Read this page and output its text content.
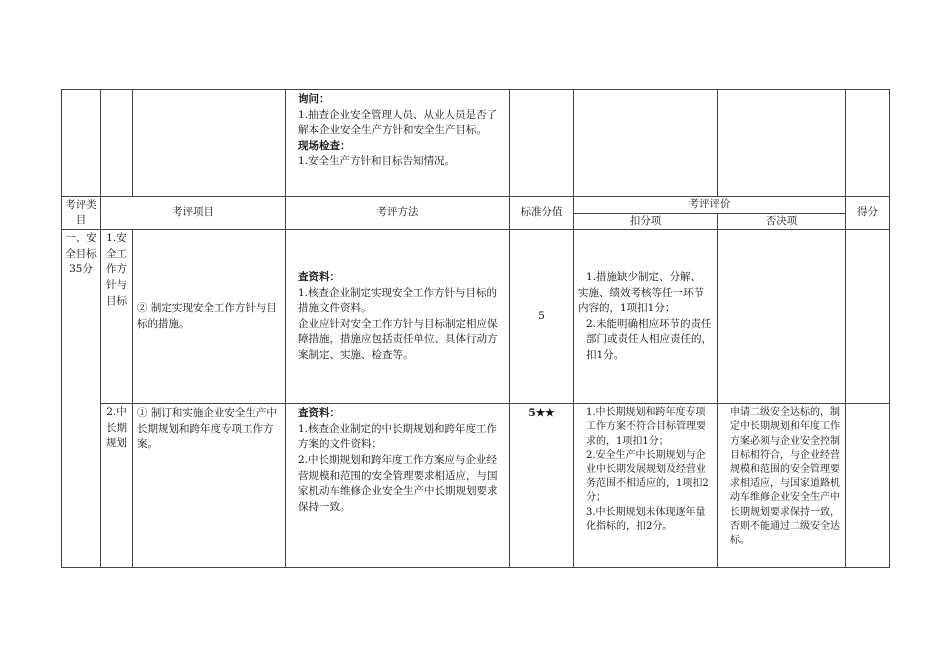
			询问：
1.抽查企业安全管理人员、从业人员是否了解本企业安全生产方针和安全生产目标。
现场检查：
1.安全生产方针和目标告知情况。				

考评类目	考评项目		考评方法	标准分值	考评评价		得分
					扣分项	否决项	
一、安全目标35分	1.安全工作方针与目标	② 制定实现安全工作方针与目标的措施。	查资料：
1.核查企业制定实现安全工作方针与目标的措施文件资料。
企业应针对安全工作方针与目标制定相应保障措施，措施应包括责任单位、具体行动方案制定、实施、检查等。	5	1.措施缺少制定、分解、
实施、绩效考核等任一环节内容的，1项扣1分；
2.未能明确相应环节的责任部门或责任人相应责任的，扣1分。		

	2.中长期规划	① 制订和实施企业安全生产中长期规划和跨年度专项工作方案。	查资料：
1.核查企业制定的中长期规划和跨年度工作方案的文件资料；
2.中长期规划和跨年度工作方案应与企业经营规模和范围的安全管理要求相适应，与国家机动车维修企业安全生产中长期规划要求保持一致。	5★★	1.中长期规划和跨年度专项工作方案不符合目标管理要求的，1项扣1分；
2.安全生产中长期规划与企业中长期发展规划及经营业务范围不相适应的，1项扣2分；
3.中长期规划未体现逐年量化指标的，扣2分。	申请二级安全达标的，制定中长期规划和年度工作方案必须与企业安全控制目标相符合，与企业经营规模和范围的安全管理要求相适应，与国家道路机动车维修企业安全生产中长期规划要求保持一致，否则不能通过二级安全达标。	
